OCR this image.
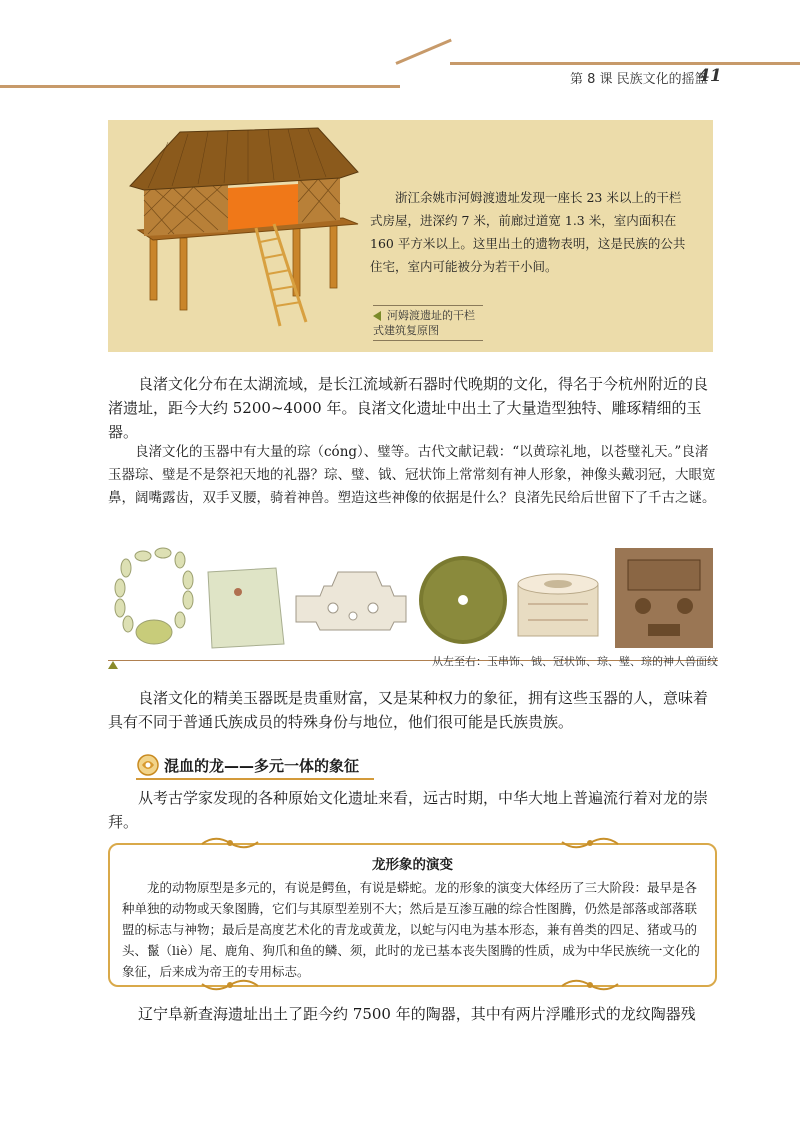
第 8 课 民族文化的摇篮
41
浙江余姚市河姆渡遗址发现一座长 23 米以上的干栏式房屋，进深约 7 米，前廊过道宽 1.3 米，室内面积在 160 平方米以上。这里出土的遗物表明，这是民族的公共住宅，室内可能被分为若干小间。
河姆渡遗址的干栏式建筑复原图
良渚文化分布在太湖流域，是长江流域新石器时代晚期的文化，得名于今杭州附近的良渚遗址，距今大约 5200~4000 年。良渚文化遗址中出土了大量造型独特、雕琢精细的玉器。
良渚文化的玉器中有大量的琮（cóng）、璧等。古代文献记载：“以黄琮礼地，以苍璧礼天。”良渚玉器琮、璧是不是祭祀天地的礼器？琮、璧、钺、冠状饰上常常刻有神人形象，神像头戴羽冠，大眼宽鼻，阔嘴露齿，双手叉腰，骑着神兽。塑造这些神像的依据是什么？良渚先民给后世留下了千古之谜。
从左至右：玉串饰、钺、冠状饰、琮、璧、琮的神人兽面纹
良渚文化的精美玉器既是贵重财富，又是某种权力的象征，拥有这些玉器的人，意味着具有不同于普通氏族成员的特殊身份与地位，他们很可能是氏族贵族。
混血的龙——多元一体的象征
从考古学家发现的各种原始文化遗址来看，远古时期，中华大地上普遍流行着对龙的崇拜。
龙形象的演变
龙的动物原型是多元的，有说是鳄鱼，有说是蟒蛇。龙的形象的演变大体经历了三大阶段：最早是各种单独的动物或天象图腾，它们与其原型差别不大；然后是互渗互融的综合性图腾，仍然是部落或部落联盟的标志与神物；最后是高度艺术化的青龙或黄龙，以蛇与闪电为基本形态，兼有兽类的四足、猪或马的头、鬣（liè）尾、鹿角、狗爪和鱼的鳞、须，此时的龙已基本丧失图腾的性质，成为中华民族统一文化的象征，后来成为帝王的专用标志。
辽宁阜新查海遗址出土了距今约 7500 年的陶器，其中有两片浮雕形式的龙纹陶器残
